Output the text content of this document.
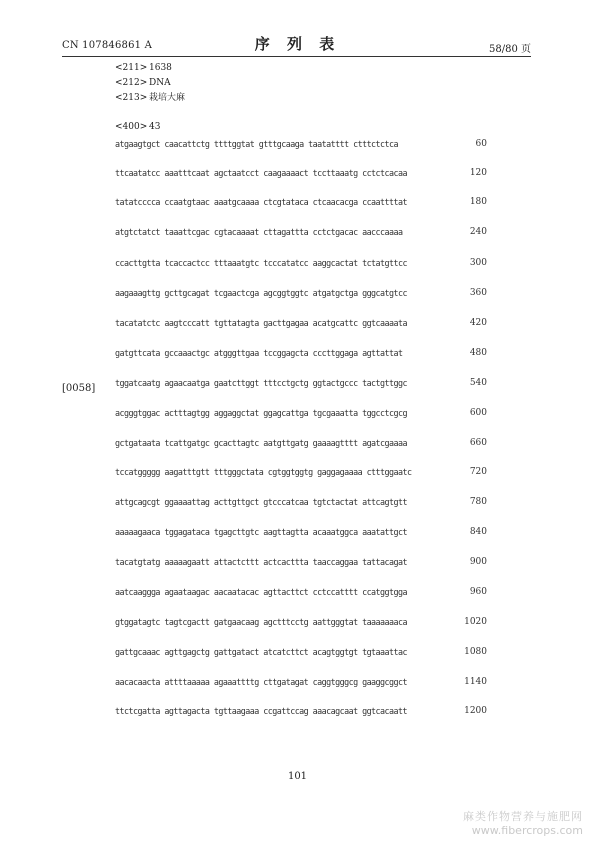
CN 107846861 A	序 列 表	58/80 页
<211> 1638
<212> DNA
<213> 栽培大麻
<400> 43
[0058]
atgaagtgct caacattctg ttttggtat gtttgcaaga taatatttt ctttctctca	60
ttcaatatcc aaatttcaat agctaatcct caagaaaact tccttaaatg cctctcacaa	120
tatatcccca ccaatgtaac aaatgcaaaa ctcgtataca ctcaacacga ccaattttat	180
atgtctatct taaattcgac cgtacaaaat cttagattta cctctgacac aacccaaaa	240
ccacttgtta tcaccactcc tttaaatgtc tcccatatcc aaggcactat tctatgttcc	300
aagaaagttg gcttgcagat tcgaactcga agcggtggtc atgatgctga gggcatgtcc	360
tacatatctc aagtcccatt tgttatagta gacttgagaa acatgcattc ggtcaaaata	420
gatgttcata gccaaactgc atgggttgaa tccggagcta cccttggaga agttattat	480
tggatcaatg agaacaatga gaatcttggt tttcctgctg ggtactgccc tactgttggc	540
acgggtggac actttagtgg aggaggctat ggagcattga tgcgaaatta tggcctcgcg	600
gctgataata tcattgatgc gcacttagtc aatgttgatg gaaaagtttt agatcgaaaa	660
tccatggggg aagatttgtt tttgggctata cgtggtggtg gaggagaaaa ctttggaatc	720
attgcagcgt ggaaaattag acttgttgct gtcccatcaa tgtctactat attcagtgtt	780
aaaaagaaca tggagataca tgagcttgtc aagttagtta acaaatggca aaatattgct	840
tacatgtatg aaaaagaatt attactcttt actcacttta taaccaggaa tattacagat	900
aatcaaggga agaataagac aacaatacac agttacttct cctccatttt ccatggtgga	960
gtggatagtc tagtcgactt gatgaacaag agctttcctg aattgggtat taaaaaaaca	1020
gattgcaaac agttgagctg gattgatact atcatcttct acagtggtgt tgtaaattac	1080
aacacaacta attttaaaaa agaaattttg cttgatagat caggtgggcg gaaggcggct	1140
ttctcgatta agttagacta tgttaagaaa ccgattccag aaacagcaat ggtcacaatt	1200
101
麻类作物营养与施肥网
www.fibercrops.com
